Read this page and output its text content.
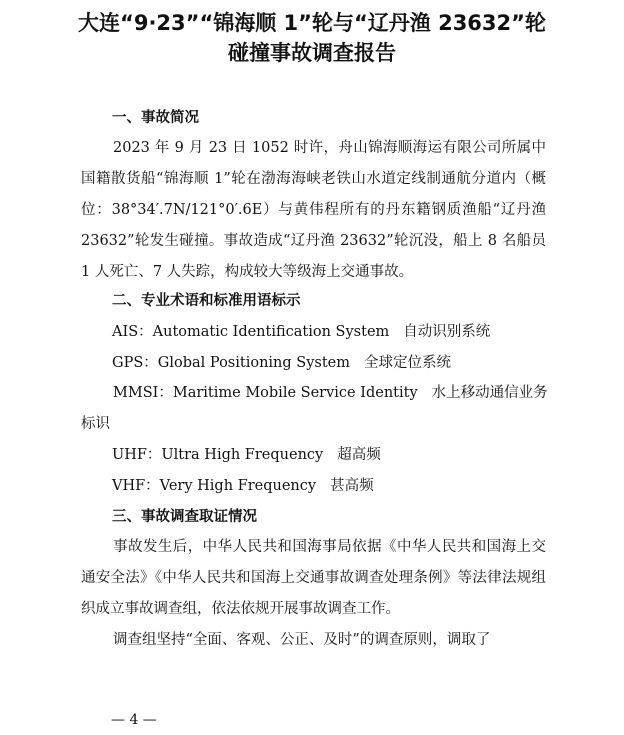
大连“9·23”“锦海顺 1”轮与“辽丹渔 23632”轮
碰撞事故调查报告
一、事故简况
2023 年 9 月 23 日 1052 时许，舟山锦海顺海运有限公司所属中国籍散货船“锦海顺 1”轮在渤海海峡老铁山水道定线制通航分道内（概位：38°34′.7N/121°0′.6E）与黄伟程所有的丹东籍钢质渔船“辽丹渔 23632”轮发生碰撞。事故造成“辽丹渔 23632”轮沉没，船上 8 名船员 1 人死亡、7 人失踪，构成较大等级海上交通事故。
二、专业术语和标准用语标示
AIS：Automatic Identification System 自动识别系统
GPS：Global Positioning System 全球定位系统
MMSI：Maritime Mobile Service Identity 水上移动通信业务标识
UHF：Ultra High Frequency 超高频
VHF：Very High Frequency 甚高频
三、事故调查取证情况
事故发生后，中华人民共和国海事局依据《中华人民共和国海上交通安全法》《中华人民共和国海上交通事故调查处理条例》等法律法规组织成立事故调查组，依法依规开展事故调查工作。
调查组坚持“全面、客观、公正、及时”的调查原则，调取了
— 4 —
